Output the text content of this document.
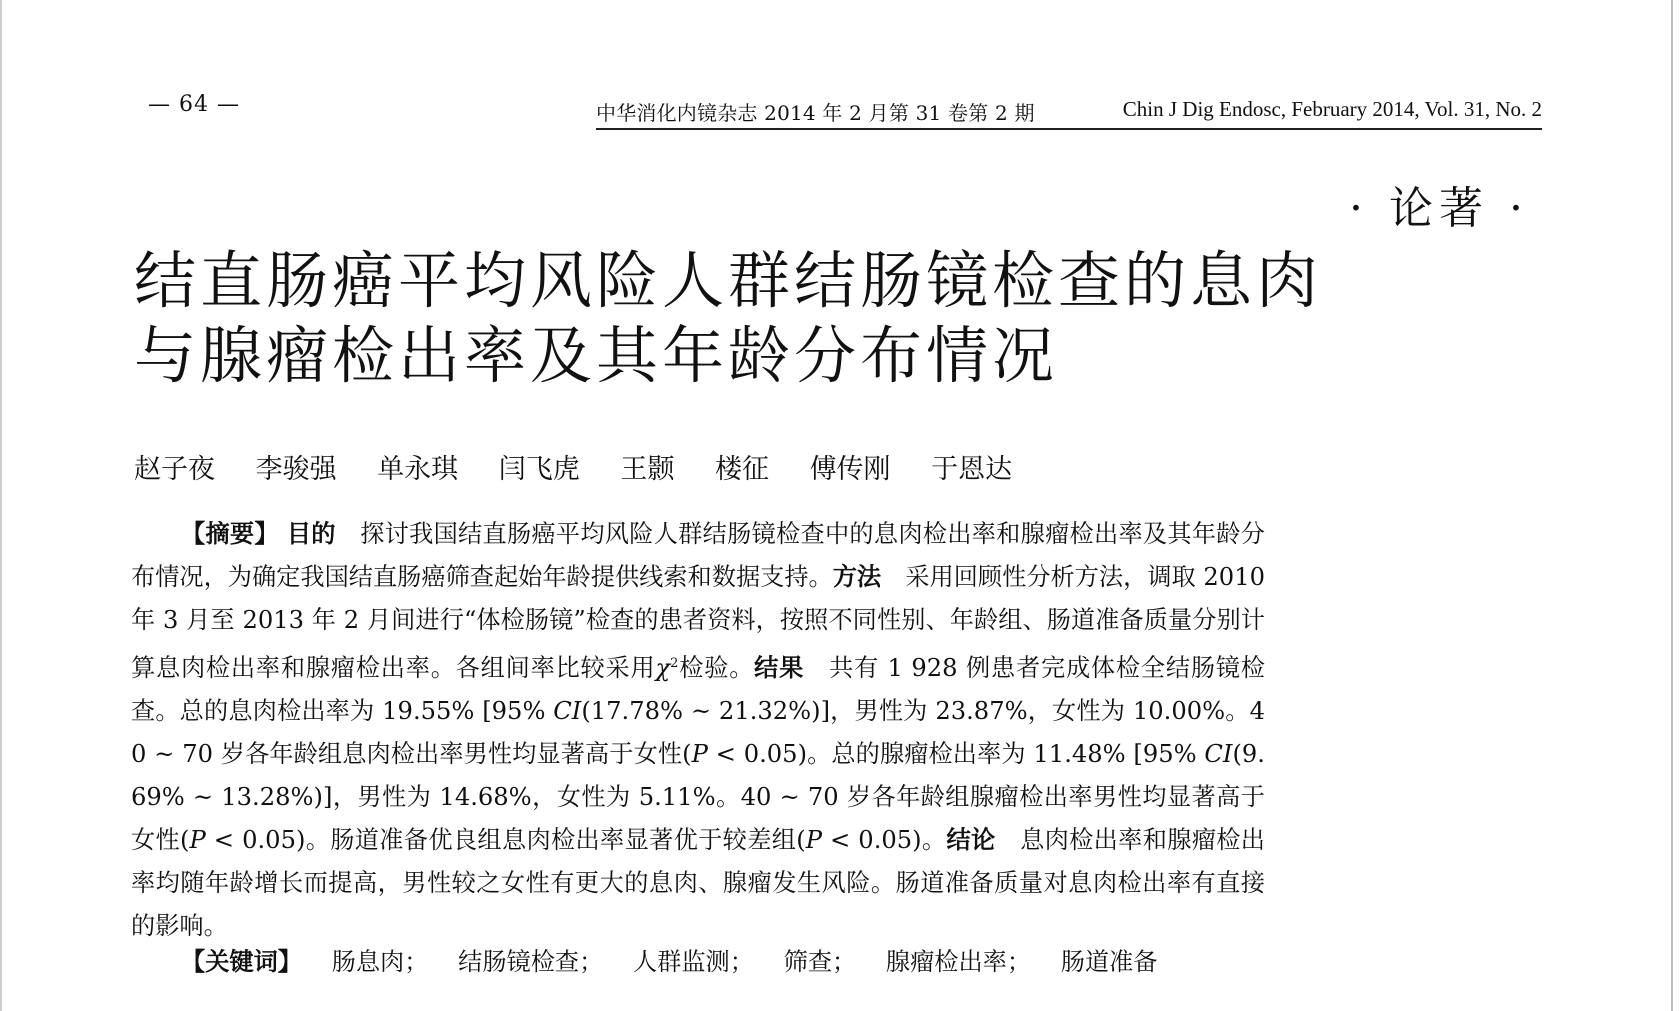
— 64 —	中华消化内镜杂志 2014 年 2 月第 31 卷第 2 期	Chin J Dig Endosc, February 2014, Vol. 31, No. 2
· 论著 ·
结直肠癌平均风险人群结肠镜检查的息肉
与腺瘤检出率及其年龄分布情况
赵子夜 李骏强 单永琪 闫飞虎 王颢 楼征 傅传刚 于恩达

【摘要】 目的　 探讨我国结直肠癌平均风险人群结肠镜检查中的息肉检出率和腺瘤检出率及其年龄分布情况，为确定我国结直肠癌筛查起始年龄提供线索和数据支持。方法　 采用回顾性分析方法，调取 2010 年 3 月至 2013 年 2 月间进行“体检肠镜”检查的患者资料，按照不同性别、年龄组、肠道准备质量分别计算息肉检出率和腺瘤检出率。各组间率比较采用$\chi^2$检验。结果　 共有 1 928 例患者完成体检全结肠镜检查。总的息肉检出率为 19.55% [95% CI(17.78% ~ 21.32%)]，男性为 23.87%，女性为 10.00%。40 ~ 70 岁各年龄组息肉检出率男性均显著高于女性(P < 0.05)。总的腺瘤检出率为 11.48% [95% CI(9.69% ~ 13.28%)]，男性为 14.68%，女性为 5.11%。40 ~ 70 岁各年龄组腺瘤检出率男性均显著高于女性(P < 0.05)。肠道准备优良组息肉检出率显著优于较差组(P < 0.05)。结论　 息肉检出率和腺瘤检出率均随年龄增长而提高，男性较之女性有更大的息肉、腺瘤发生风险。肠道准备质量对息肉检出率有直接的影响。

【关键词】 肠息肉； 结肠镜检查； 人群监测； 筛查； 腺瘤检出率； 肠道准备
